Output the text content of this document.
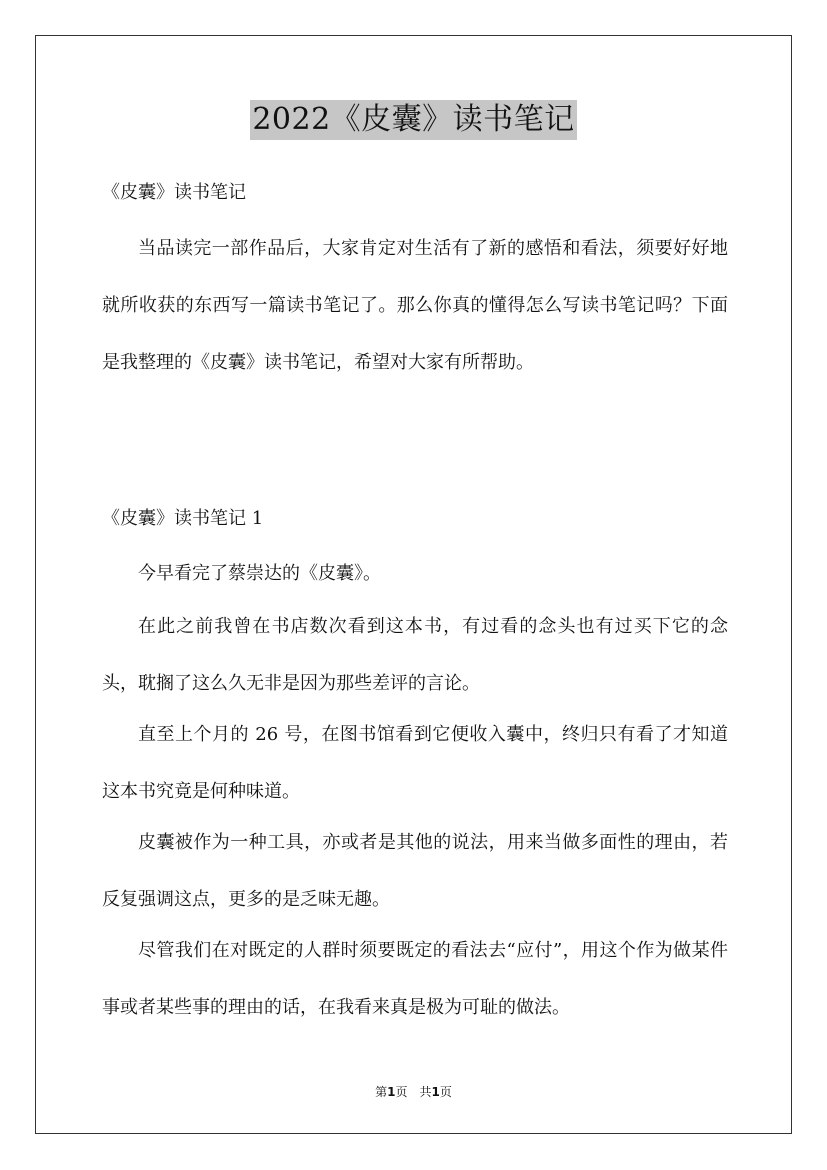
2022《皮囊》读书笔记
《皮囊》读书笔记
当品读完一部作品后，大家肯定对生活有了新的感悟和看法，须要好好地就所收获的东西写一篇读书笔记了。那么你真的懂得怎么写读书笔记吗？下面是我整理的《皮囊》读书笔记，希望对大家有所帮助。
《皮囊》读书笔记 1
今早看完了蔡崇达的《皮囊》。
在此之前我曾在书店数次看到这本书，有过看的念头也有过买下它的念头，耽搁了这么久无非是因为那些差评的言论。
直至上个月的 26 号，在图书馆看到它便收入囊中，终归只有看了才知道这本书究竟是何种味道。
皮囊被作为一种工具，亦或者是其他的说法，用来当做多面性的理由，若反复强调这点，更多的是乏味无趣。
尽管我们在对既定的人群时须要既定的看法去“应付”，用这个作为做某件事或者某些事的理由的话，在我看来真是极为可耻的做法。
第1页　共1页
